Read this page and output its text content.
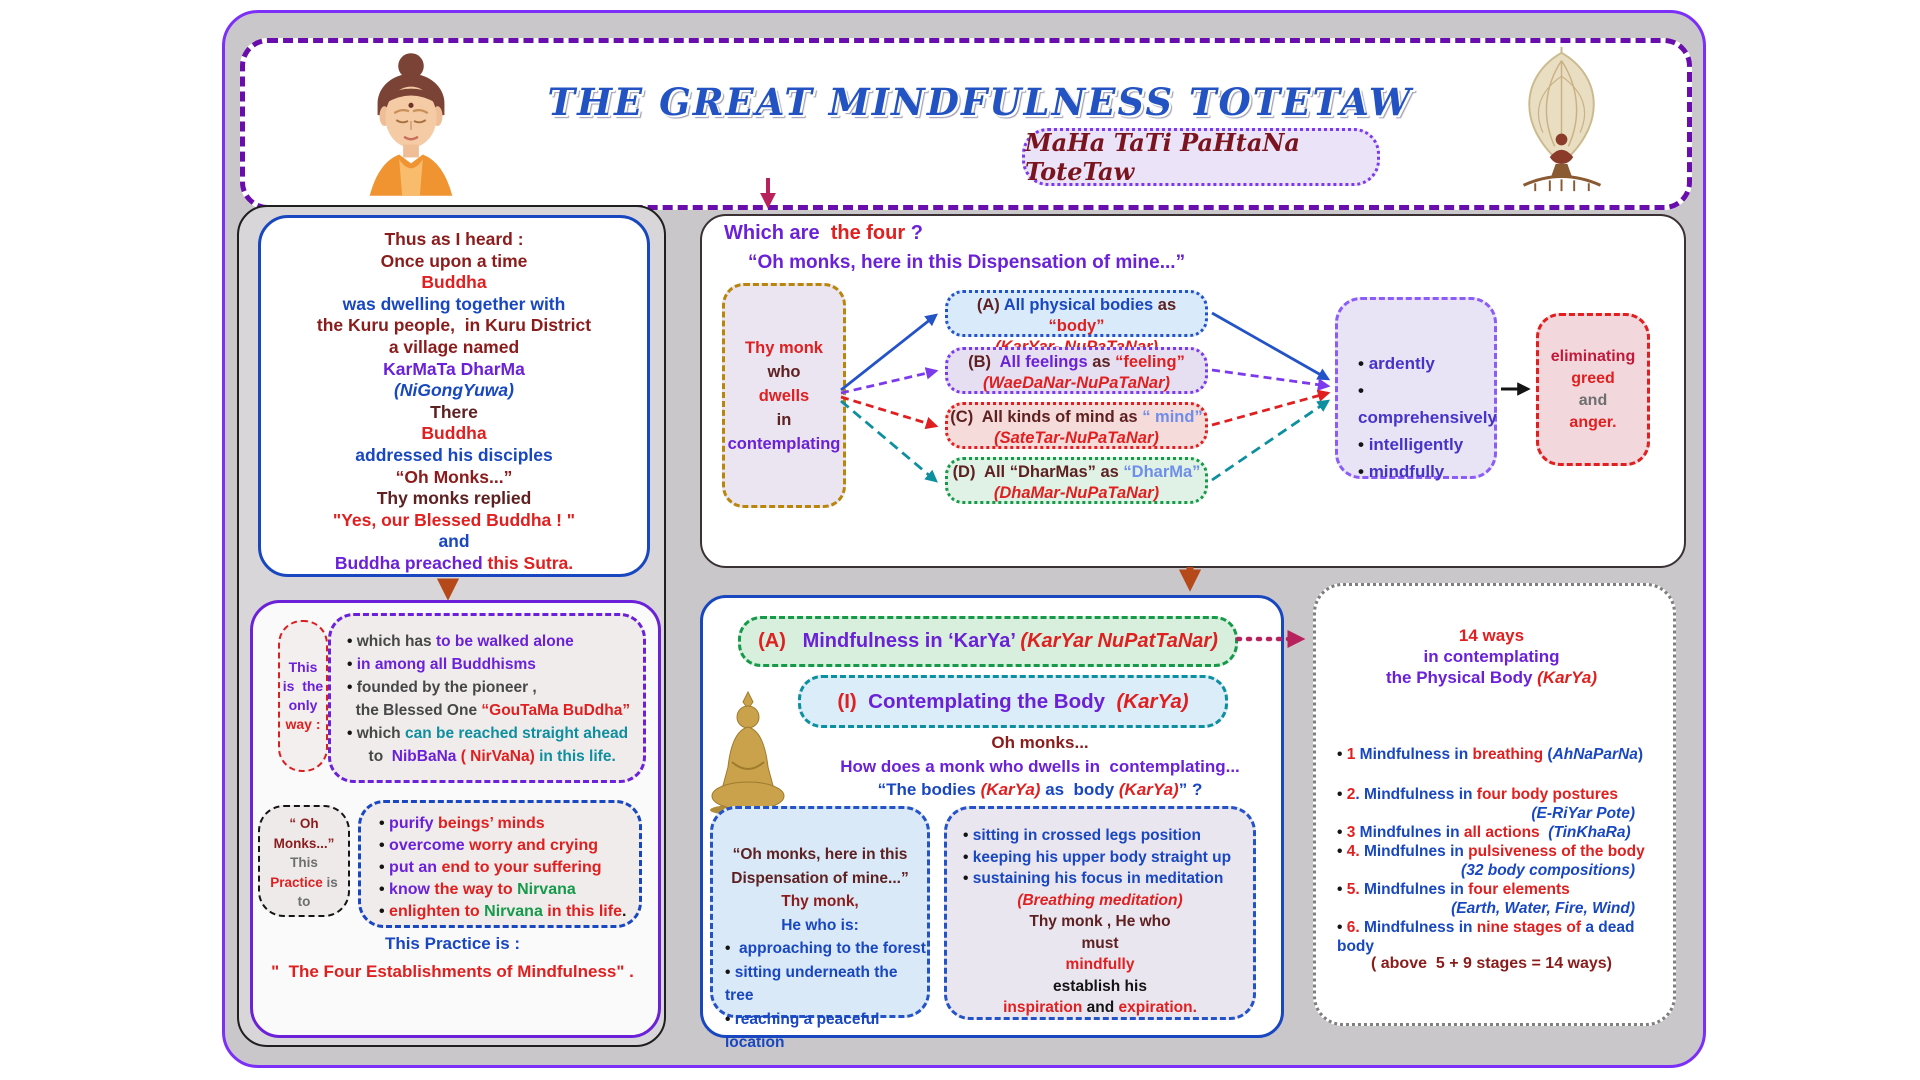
THE GREAT MINDFULNESS TOTETAW
MaHa TaTi PaHtaNa ToteTaw
Thus as I heard :
Once upon a time
Buddha
was dwelling together with
the Kuru people,  in Kuru District
a village named
KarMaTa DharMa
(NiGongYuwa)
There
Buddha
addressed his disciples
“Oh Monks...”
Thy monks replied
"Yes, our Blessed Buddha ! "
and
Buddha preached this Sutra.
This
is  the
only
way :
• which has to be walked alone
• in among all Buddhisms
• founded by the pioneer ,
the Blessed One “GouTaMa BuDdha”
• which can be reached straight ahead
to  NibBaNa ( NirVaNa) in this life.
“ Oh
Monks...”
This
Practice is
to
• purify beings’ minds
• overcome worry and crying
• put an end to your suffering
• know the way to Nirvana
• enlighten to Nirvana in this life.
This Practice is :
"  The Four Establishments of Mindfulness" .
Which are  the four ?
“Oh monks, here in this Dispensation of mine...”
Thy monk
who
dwells
in
contemplating
(A) All physical bodies as “body”
(B)  All feelings as “feeling”
(WaeDaNar-NuPaTaNar)
(C)  All kinds of mind as “ mind”
(SateTar-NuPaTaNar)
(D)  All “DharMas” as “DharMa”
(DhaMar-NuPaTaNar)
• ardently
• comprehensively
• intelligently
• mindfully
eliminating
greed
and
anger.
(A) Mindfulness in ‘KarYa’ (KarYar NuPatTaNar)
(I) Contemplating the Body (KarYa)
Oh monks...
How does a monk who dwells in  contemplating...
“The bodies (KarYa) as  body (KarYa)” ?
“Oh monks, here in this
Dispensation of mine...”
Thy monk,
He who is:
•  approaching to the forest
• sitting underneath the tree
• reaching a peaceful location
• sitting in crossed legs position
• keeping his upper body straight up
• sustaining his focus in meditation
(Breathing meditation)
Thy monk , He who
must
mindfully
establish his
inspiration and expiration.
14 ways
in contemplating
the Physical Body (KarYa)
• 1 Mindfulness in breathing (AhNaParNa)
• 2. Mindfulness in four body postures
(E-RiYar Pote)
• 3 Mindfulnes in all actions  (TinKhaRa)
• 4. Mindfulnes in pulsiveness of the body
(32 body compositions)
• 5. Mindfulnes in four elements
(Earth, Water, Fire, Wind)
• 6. Mindfulness in nine stages of a dead body
( above  5 + 9 stages = 14 ways)
